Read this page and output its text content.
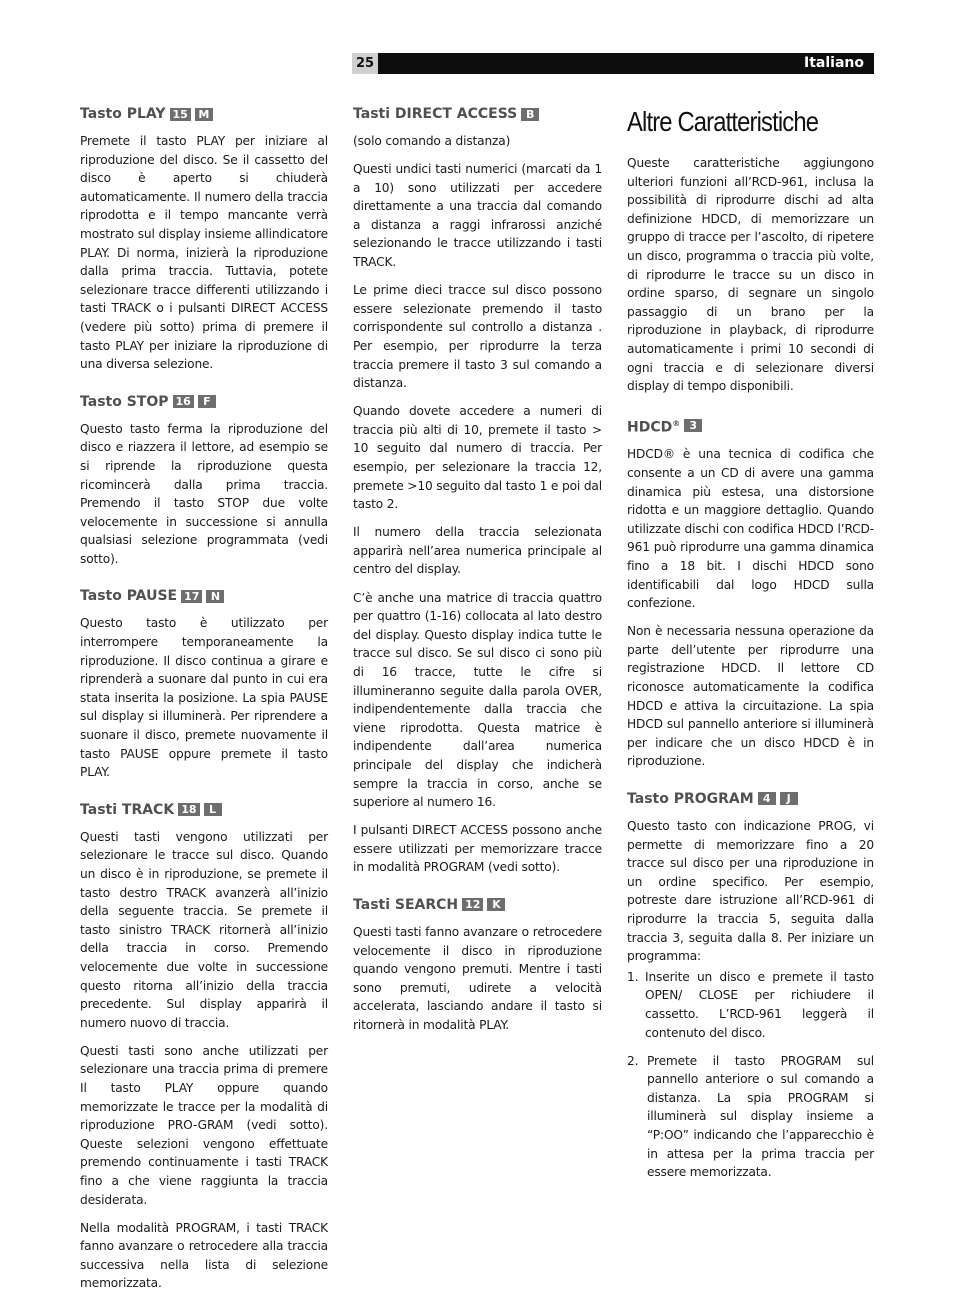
25	Italiano
Tasto PLAY 15 M

Premete il tasto PLAY per iniziare al riproduzione del disco. Se il cassetto del disco è aperto si chiuderà automaticamente. Il numero della traccia riprodotta e il tempo mancante verrà mostrato sul display insieme allindicatore PLAY. Di norma, inizierà la riproduzione dalla prima traccia. Tuttavia, potete selezionare tracce differenti utilizzando i tasti TRACK o i pulsanti DIRECT ACCESS (vedere più sotto) prima di premere il tasto PLAY per iniziare la riproduzione di una diversa selezione.

Tasto STOP 16	F

Questo tasto ferma la riproduzione del disco e riazzera il lettore, ad esempio se si riprende la riproduzione questa ricomincerà dalla prima traccia. Premendo il tasto STOP due volte velocemente in successione si annulla qualsiasi selezione programmata (vedi sotto).

Tasto PAUSE 17	N

Questo tasto è utilizzato per interrompere temporaneamente la riproduzione. Il disco continua a girare e riprenderà a suonare dal punto in cui era stata inserita la posizione. La spia PAUSE sul display si illuminerà. Per riprendere a suonare il disco, premete nuovamente il tasto PAUSE oppure premete il tasto PLAY.

Tasti TRACK 18	L

Questi tasti vengono utilizzati per selezionare le tracce sul disco. Quando un disco è in riproduzione, se premete il tasto destro TRACK avanzerà all’inizio della seguente traccia. Se premete il tasto sinistro TRACK ritornerà all’inizio della traccia in corso. Premendo velocemente due volte in successione questo ritorna all’inizio della traccia precedente. Sul display apparirà il numero nuovo di traccia.

Questi tasti sono anche utilizzati per selezionare una traccia prima di premere Il tasto PLAY oppure quando memorizzate le tracce per la modalità di riproduzione PRO-GRAM (vedi sotto). Queste selezioni vengono effettuate premendo continuamente i tasti TRACK fino a che viene raggiunta la traccia desiderata.

Nella modalità PROGRAM, i tasti TRACK fanno avanzare o retrocedere alla traccia successiva nella lista di selezione memorizzata.

Tasti DIRECT ACCESS B

(solo comando a distanza)

Questi undici tasti numerici (marcati da 1 a 10) sono utilizzati per accedere direttamente a una traccia dal comando a distanza a raggi infrarossi anziché selezionando le tracce utilizzando i tasti TRACK.

Le prime dieci tracce sul disco possono essere selezionate premendo il tasto corrispondente sul controllo a distanza . Per esempio, per riprodurre la terza traccia premere il tasto 3 sul comando a distanza.

Quando dovete accedere a numeri di traccia più alti di 10, premete il tasto > 10 seguito dal numero di traccia. Per esempio, per selezionare la traccia 12, premete >10 seguito dal tasto 1 e poi dal tasto 2.

Il numero della traccia selezionata apparirà nell’area numerica principale al centro del display.

C’è anche una matrice di traccia quattro per quattro (1-16) collocata al lato destro del display. Questo display indica tutte le tracce sul disco. Se sul disco ci sono più di 16 tracce, tutte le cifre si illumineranno seguite dalla parola OVER, indipendentemente dalla traccia che viene riprodotta. Questa matrice è indipendente dall’area numerica principale del display che indicherà sempre la traccia in corso, anche se superiore al numero 16.

I pulsanti DIRECT ACCESS possono anche essere utilizzati per memorizzare tracce in modalità PROGRAM (vedi sotto).

Tasti SEARCH 12	K

Questi tasti fanno avanzare o retrocedere velocemente il disco in riproduzione quando vengono premuti. Mentre i tasti sono premuti, udirete a velocità accelerata, lasciando andare il tasto si ritornerà in modalità PLAY.

Altre Caratteristiche

Queste caratteristiche aggiungono ulteriori funzioni all’RCD-961, inclusa la possibilità di riprodurre dischi ad alta definizione HDCD, di memorizzare un gruppo di tracce per l’ascolto, di ripetere un disco, programma o traccia più volte, di riprodurre le tracce su un disco in ordine sparso, di segnare un singolo passaggio di un brano per la riproduzione in playback, di riprodurre automaticamente i primi 10 secondi di ogni traccia e di selezionare diversi display di tempo disponibili.

HDCD® 3

HDCD® è una tecnica di codifica che consente a un CD di avere una gamma dinamica più estesa, una distorsione ridotta e un maggiore dettaglio. Quando utilizzate dischi con codifica HDCD l’RCD-961 può riprodurre una gamma dinamica fino a 18 bit. I dischi HDCD sono identificabili dal logo HDCD sulla confezione.

Non è necessaria nessuna operazione da parte dell’utente per riprodurre una registrazione HDCD. Il lettore CD riconosce automaticamente la codifica HDCD e attiva la circuitazione. La spia HDCD sul pannello anteriore si illuminerà per indicare che un disco HDCD è in riproduzione.

Tasto PROGRAM 4	J

Questo tasto con indicazione PROG, vi permette di memorizzare fino a 20 tracce sul disco per una riproduzione in un ordine specifico. Per esempio, potreste dare istruzione all’RCD-961 di riprodurre la traccia 5, seguita dalla traccia 3, seguita dalla 8. Per iniziare un programma:

1. Inserite un disco e premete il tasto OPEN/ CLOSE per richiudere il cassetto. L’RCD-961 leggerà il contenuto del disco.
2. Premete il tasto PROGRAM sul pannello anteriore o sul comando a distanza. La spia PROGRAM si illuminerà sul display insieme a “P:OO” indicando che l’apparecchio è in attesa per la prima traccia per essere memorizzata.
